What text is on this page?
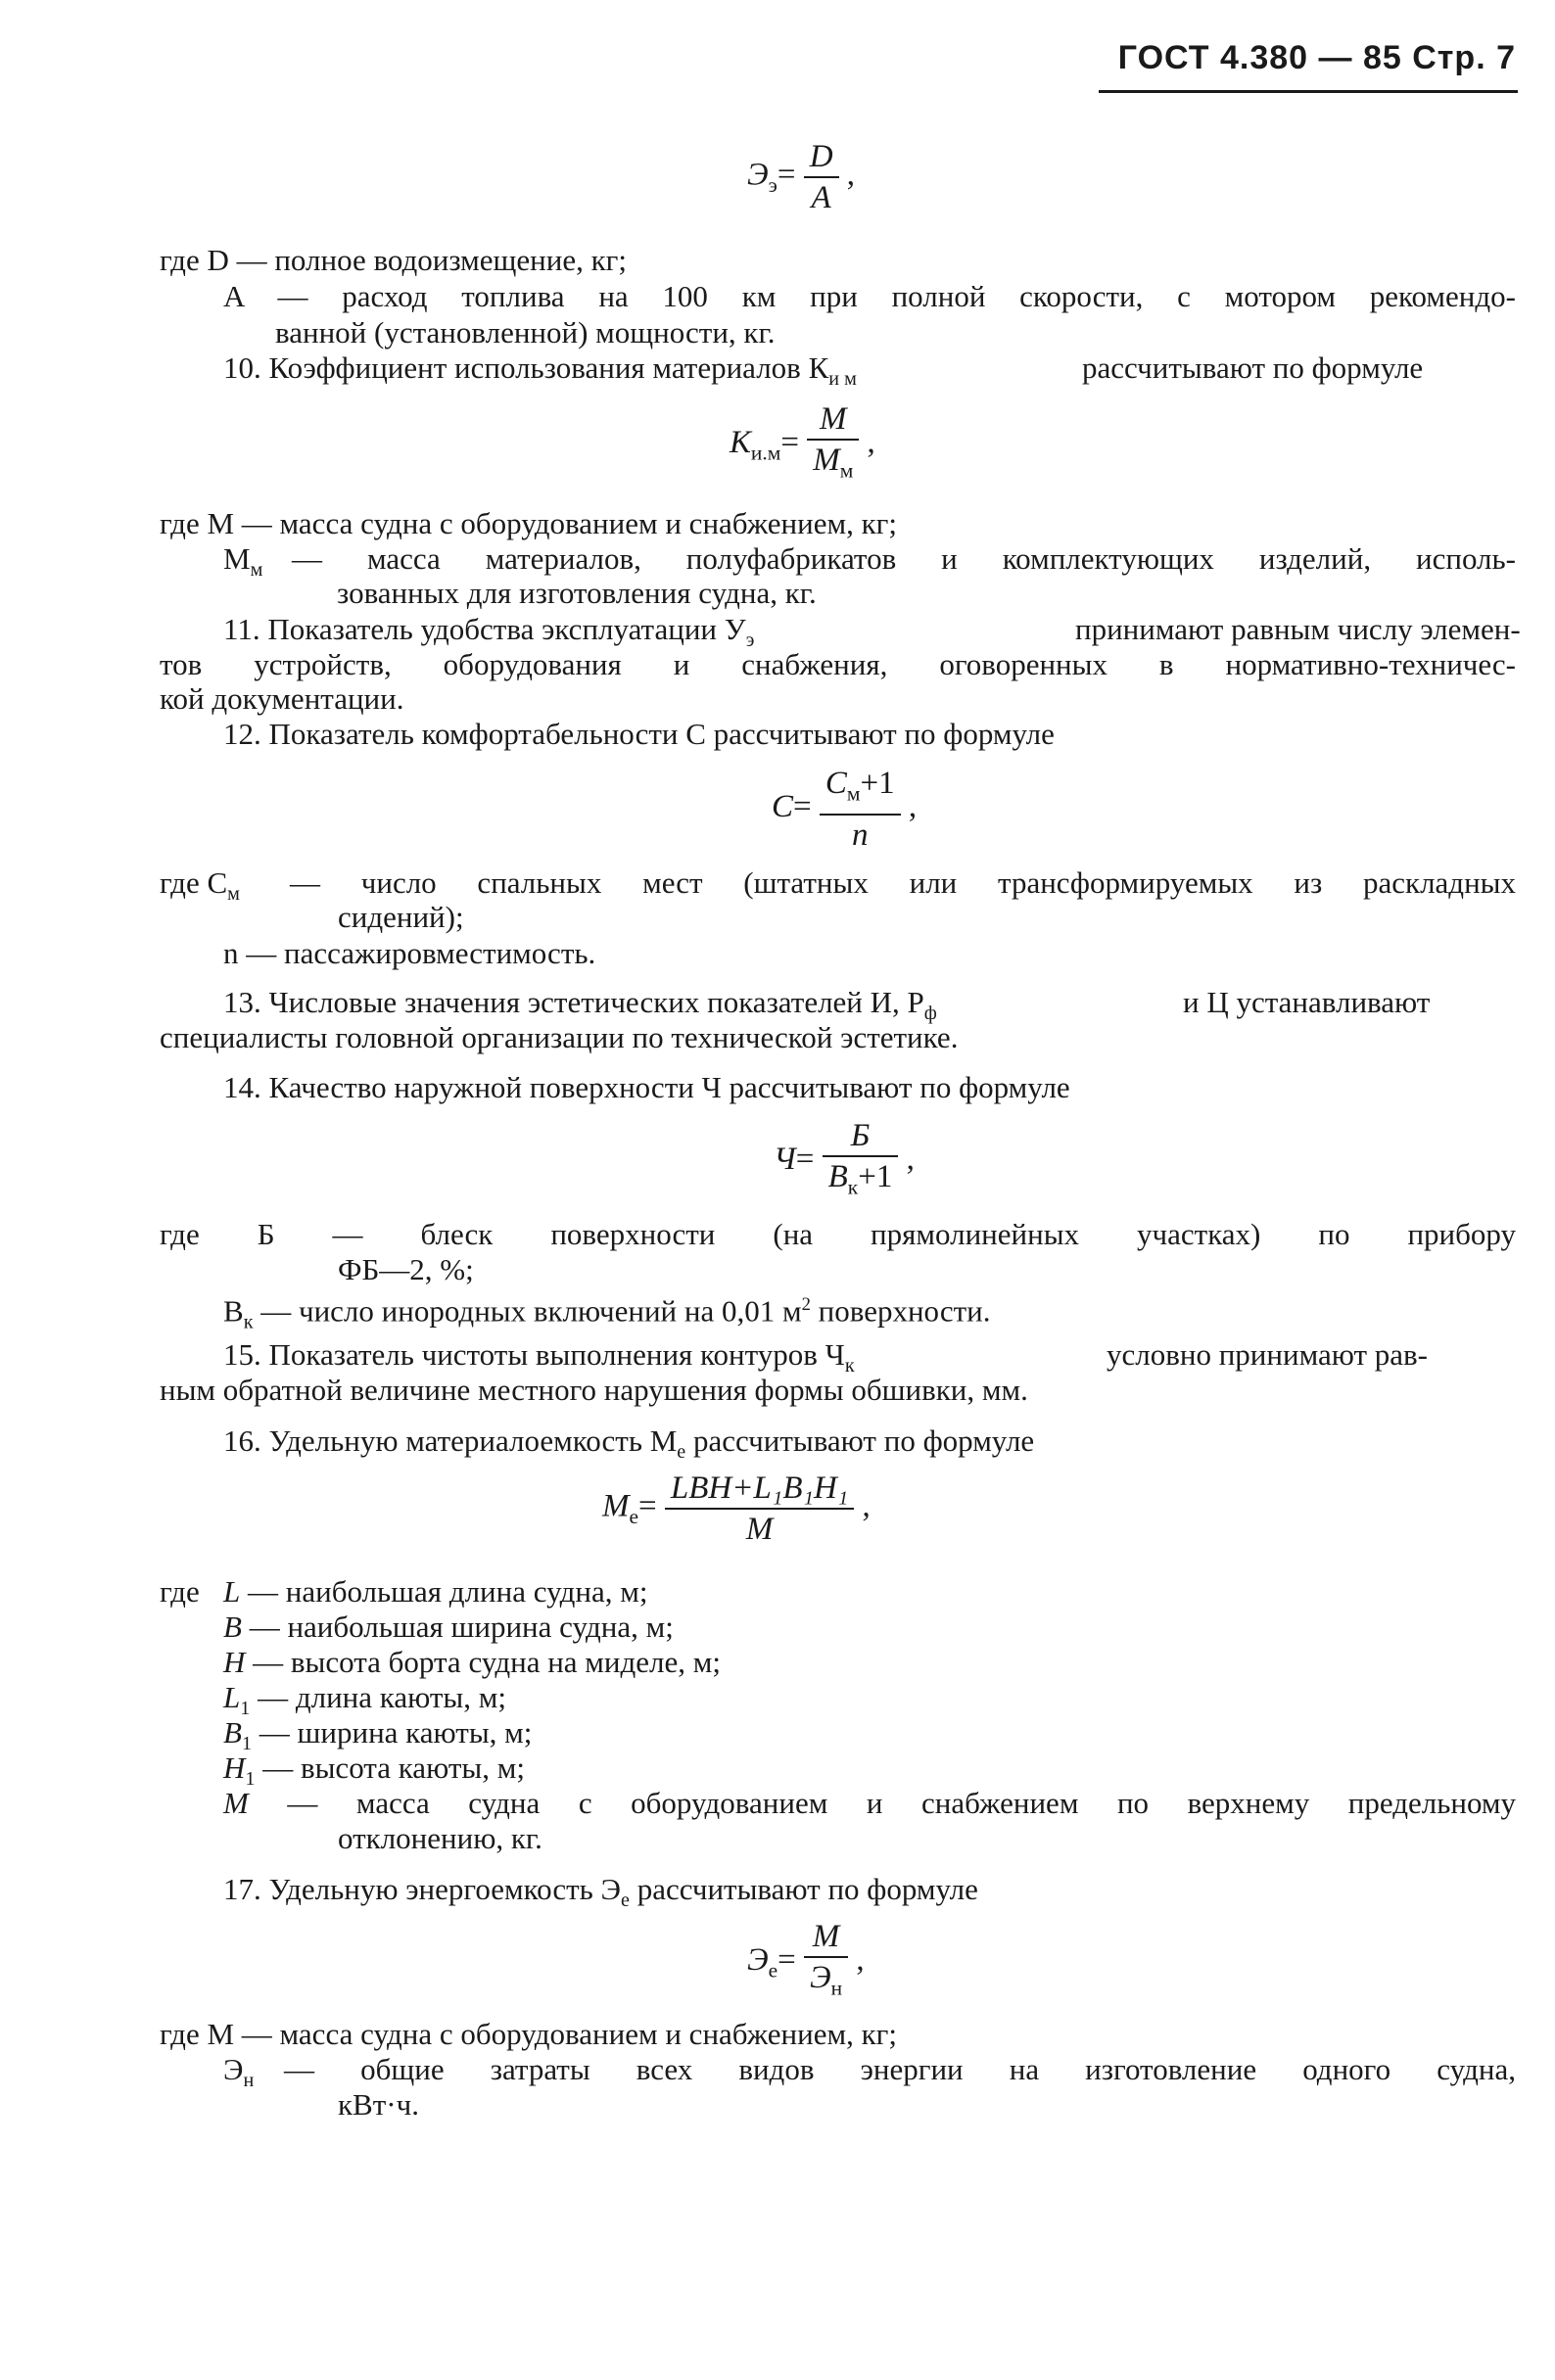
ГОСТ 4.380 — 85 Стр. 7
$Э_э= \frac{D}{A}$ ,
где D — полное водоизмещение, кг;
A — расход топлива на 100 км при полной скорости, с мотором рекомендо-
ванной (установленной) мощности, кг.
10. Коэффициент использования материалов $К_{и м}$	рассчитывают по формуле
$К_{и.м}= \frac{М}{М_м}$ ,
где М — масса судна с оборудованием и снабжением, кг;
$М_м$ — масса материалов, полуфабрикатов и комплектующих изделий, исполь-
зованных для изготовления судна, кг.
11. Показатель удобства эксплуатации $У_э$	принимают равным числу элемен-
тов устройств, оборудования и снабжения, оговоренных в нормативно-техничес-
кой документации.
12. Показатель комфортабельности С рассчитывают по формуле
$С= \frac{С_м+1}{n}$ ,
где $С_м$ — число спальных мест (штатных или трансформируемых из раскладных
сидений);
n — пассажировместимость.
13. Числовые значения эстетических показателей И, $Р_ф$	и Ц устанавливают
специалисты головной организации по технической эстетике.
14. Качество наружной поверхности Ч рассчитывают по формуле
$Ч= \frac{Б}{В_к+1}$ ,
где Б — блеск поверхности (на прямолинейных участках) по прибору
ФБ—2, %;
$В_к$ — число инородных включений на 0,01 $м^2$ поверхности.
15. Показатель чистоты выполнения контуров $Ч_к$	условно принимают рав-
ным обратной величине местного нарушения формы обшивки, мм.
16. Удельную материалоемкость $М_е$ рассчитывают по формуле
$М_е= \frac{\text{LBH+L₁B₁H₁}}{M}$ ,
где L — наибольшая длина судна, м;
B — наибольшая ширина судна, м;
H — высота борта судна на миделе, м;
$L_1$ — длина каюты, м;
$B_1$ — ширина каюты, м;
$H_1$ — высота каюты, м;
M — масса судна с оборудованием и снабжением по верхнему предельному
отклонению, кг.
17. Удельную энергоемкость $Э_е$ рассчитывают по формуле
$Э_е= \frac{М}{Э_н}$ ,
где М — масса судна с оборудованием и снабжением, кг;
$Э_н$ — общие затраты всех видов энергии на изготовление одного судна,
кВт·ч.
